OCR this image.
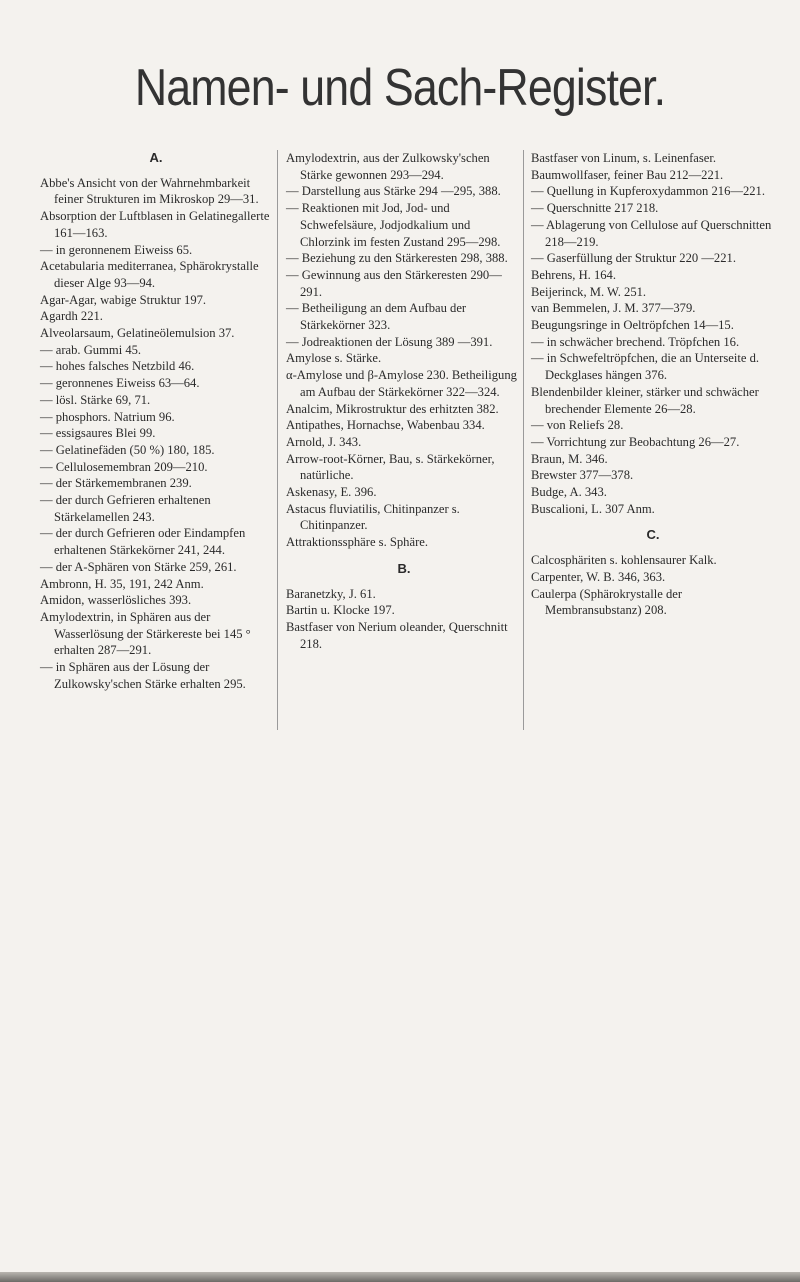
Namen- und Sach-Register.
A.

Abbe's Ansicht von der Wahrnehmbarkeit feiner Strukturen im Mikroskop 29—31.

Absorption der Luftblasen in Gelatinegallerte 161—163.

— in geronnenem Eiweiss 65.

Acetabularia mediterranea, Sphärokrystalle dieser Alge 93—94.

Agar-Agar, wabige Struktur 197.

Agardh 221.

Alveolarsaum, Gelatineölemulsion 37.

— arab. Gummi 45.

— hohes falsches Netzbild 46.

— geronnenes Eiweiss 63—64.

— lösl. Stärke 69, 71.

— phosphors. Natrium 96.

— essigsaures Blei 99.

— Gelatinefäden (50 %) 180, 185.

— Cellulosemembran 209—210.

— der Stärkemembranen 239.

— der durch Gefrieren erhaltenen Stärkelamellen 243.

— der durch Gefrieren oder Eindampfen erhaltenen Stärkekörner 241, 244.

— der A-Sphären von Stärke 259, 261.

Ambronn, H. 35, 191, 242 Anm.

Amidon, wasserlösliches 393.

Amylodextrin, in Sphären aus der Wasserlösung der Stärkereste bei 145 ° erhalten 287—291.

— in Sphären aus der Lösung der Zulkowsky'schen Stärke erhalten 295.

Amylodextrin, aus der Zulkowsky'schen Stärke gewonnen 293—294.

— Darstellung aus Stärke 294 —295, 388.

— Reaktionen mit Jod, Jod- und Schwefelsäure, Jodjodkalium und Chlorzink im festen Zustand 295—298.

— Beziehung zu den Stärkeresten 298, 388.

— Gewinnung aus den Stärkeresten 290—291.

— Betheiligung an dem Aufbau der Stärkekörner 323.

— Jodreaktionen der Lösung 389 —391.

Amylose s. Stärke.

α-Amylose und β-Amylose 230. Betheiligung am Aufbau der Stärkekörner 322—324.

Analcim, Mikrostruktur des erhitzten 382.

Antipathes, Hornachse, Wabenbau 334.

Arnold, J. 343.

Arrow-root-Körner, Bau, s. Stärkekörner, natürliche.

Askenasy, E. 396.

Astacus fluviatilis, Chitinpanzer s. Chitinpanzer.

Attraktionssphäre s. Sphäre.

B.

Baranetzky, J. 61.

Bartin u. Klocke 197.

Bastfaser von Nerium oleander, Querschnitt 218.

Bastfaser von Linum, s. Leinenfaser.

Baumwollfaser, feiner Bau 212—221.

— Quellung in Kupferoxydammon 216—221.

— Querschnitte 217 218.

— Ablagerung von Cellulose auf Querschnitten 218—219.

— Gaserfüllung der Struktur 220 —221.

Behrens, H. 164.

Beijerinck, M. W. 251.

van Bemmelen, J. M. 377—379.

Beugungsringe in Oeltröpfchen 14—15.

— in schwächer brechend. Tröpfchen 16.

— in Schwefeltröpfchen, die an Unterseite d. Deckglases hängen 376.

Blendenbilder kleiner, stärker und schwächer brechender Elemente 26—28.

— von Reliefs 28.

— Vorrichtung zur Beobachtung 26—27.

Braun, M. 346.

Brewster 377—378.

Budge, A. 343.

Buscalioni, L. 307 Anm.

C.

Calcosphäriten s. kohlensaurer Kalk.

Carpenter, W. B. 346, 363.

Caulerpa (Sphärokrystalle der Membransubstanz) 208.
